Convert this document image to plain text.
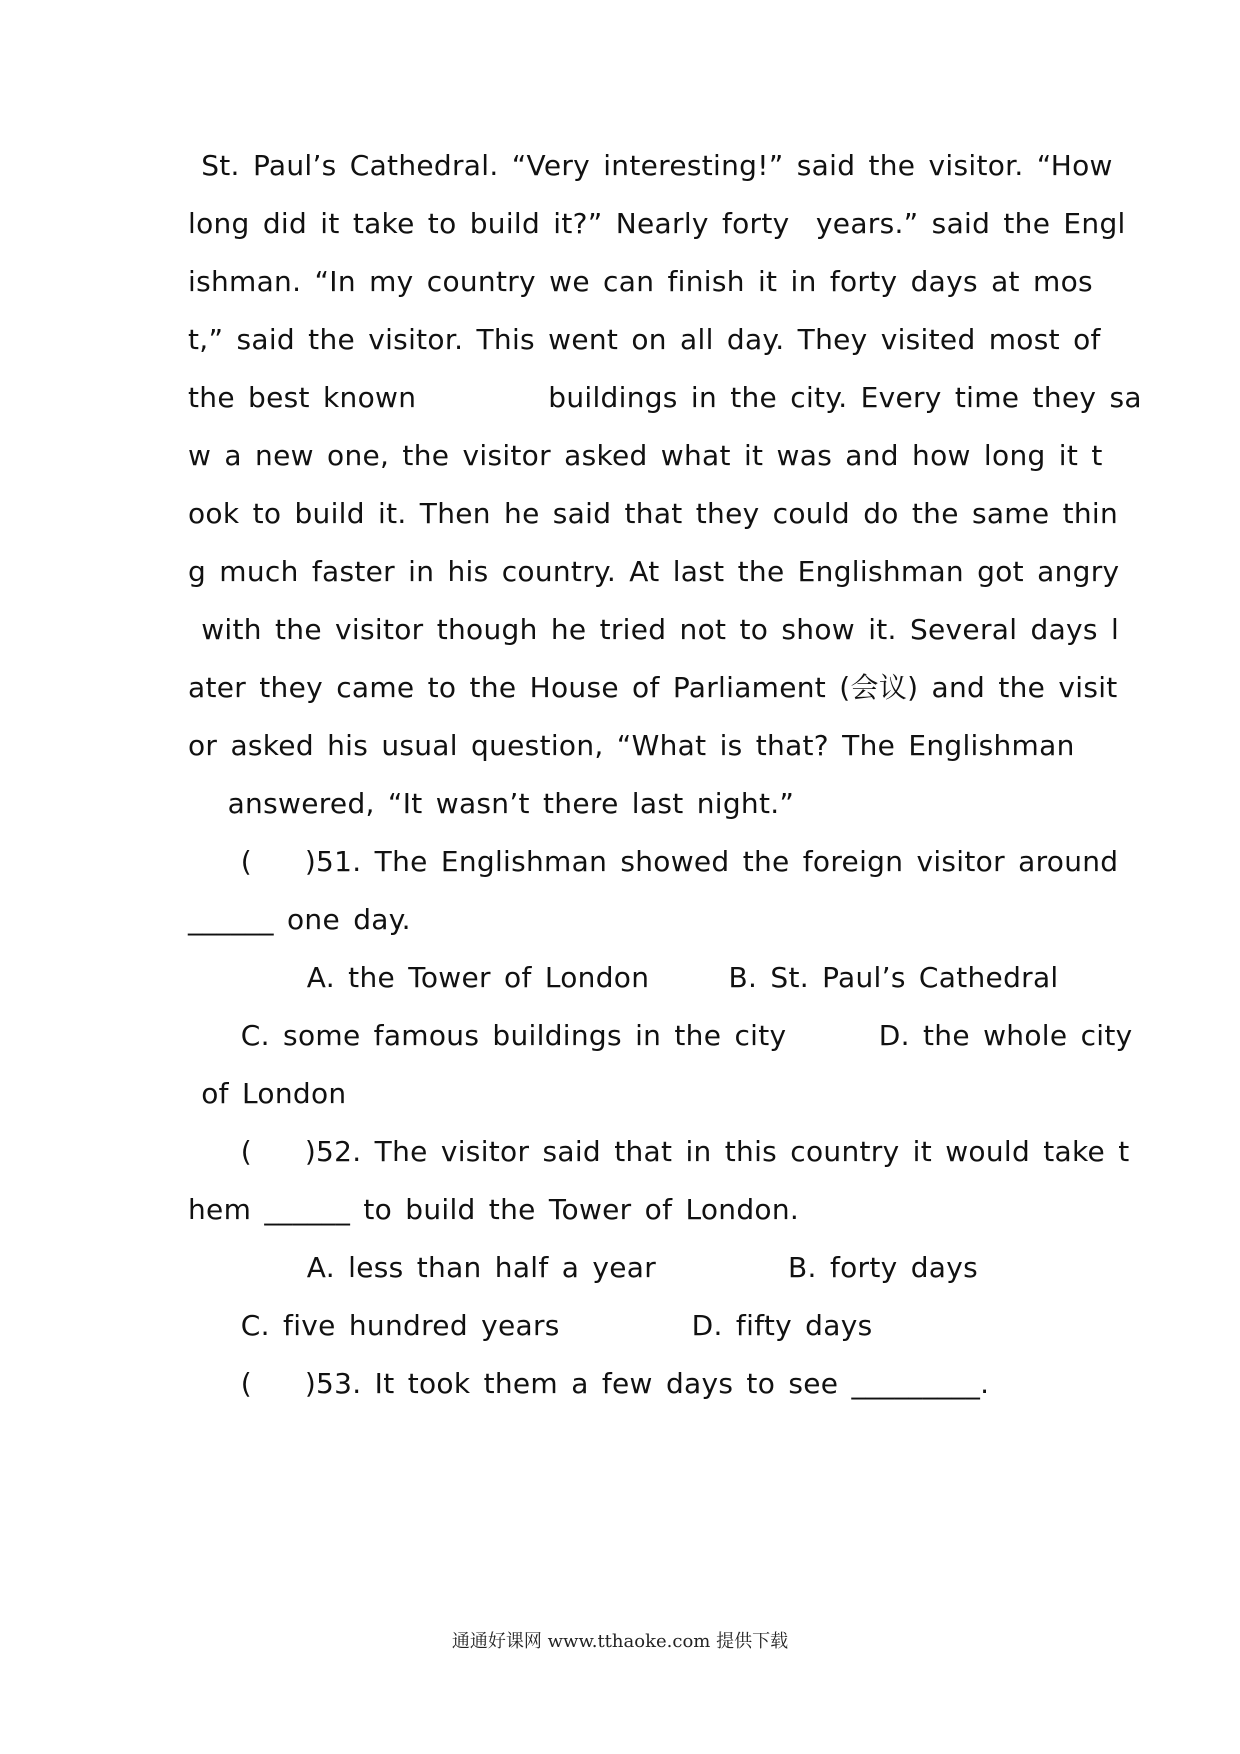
St. Paul’s Cathedral. “Very interesting!” said the visitor. “How
long did it take to build it?” Nearly forty  years.” said the Engl
ishman. “In my country we can finish it in forty days at mos
t,” said the visitor. This went on all day. They visited most of
the best known          buildings in the city. Every time they sa
w a new one, the visitor asked what it was and how long it t
ook to build it. Then he said that they could do the same thin
g much faster in his country. At last the Englishman got angry
with the visitor though he tried not to show it. Several days l
ater they came to the House of Parliament (会议) and the visit
or asked his usual question, “What is that? The Englishman
answered, “It wasn’t there last night.”
(    )51. The Englishman showed the foreign visitor around
______ one day.
A. the Tower of London      B. St. Paul’s Cathedral
C. some famous buildings in the city       D. the whole city
of London
(    )52. The visitor said that in this country it would take t
hem ______ to build the Tower of London.
A. less than half a year          B. forty days
C. five hundred years          D. fifty days
(    )53. It took them a few days to see _________.
通通好课网 www.tthaoke.com 提供下载
